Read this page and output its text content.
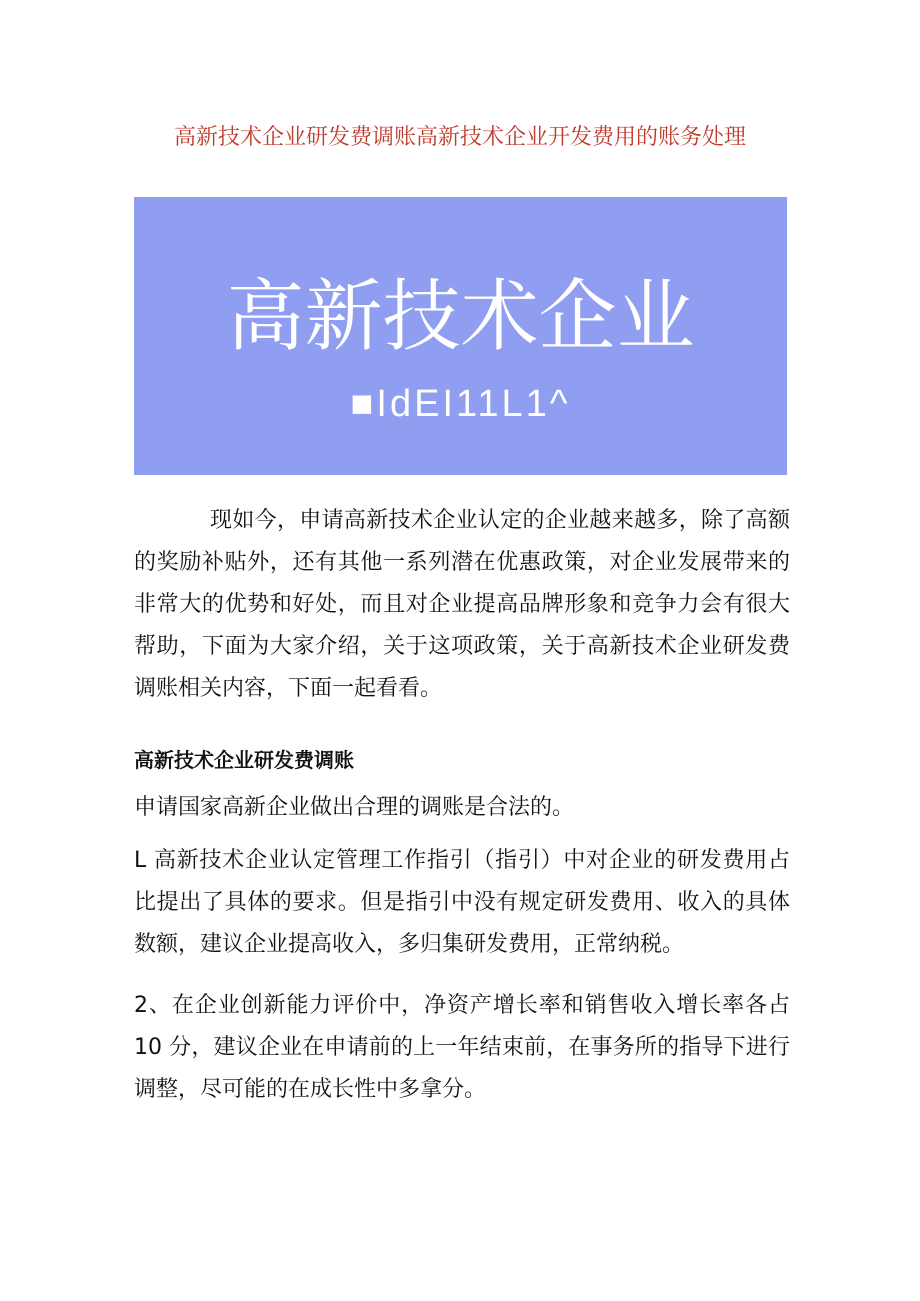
高新技术企业研发费调账高新技术企业开发费用的账务处理
高新技术企业
■IdEI11L1^
现如今，申请高新技术企业认定的企业越来越多，除了高额的奖励补贴外，还有其他一系列潜在优惠政策，对企业发展带来的非常大的优势和好处，而且对企业提高品牌形象和竞争力会有很大帮助，下面为大家介绍，关于这项政策，关于高新技术企业研发费调账相关内容，下面一起看看。
高新技术企业研发费调账
申请国家高新企业做出合理的调账是合法的。
L 高新技术企业认定管理工作指引（指引）中对企业的研发费用占比提出了具体的要求。但是指引中没有规定研发费用、收入的具体数额，建议企业提高收入，多归集研发费用，正常纳税。
2、在企业创新能力评价中，净资产增长率和销售收入增长率各占 10 分，建议企业在申请前的上一年结束前，在事务所的指导下进行调整，尽可能的在成长性中多拿分。
